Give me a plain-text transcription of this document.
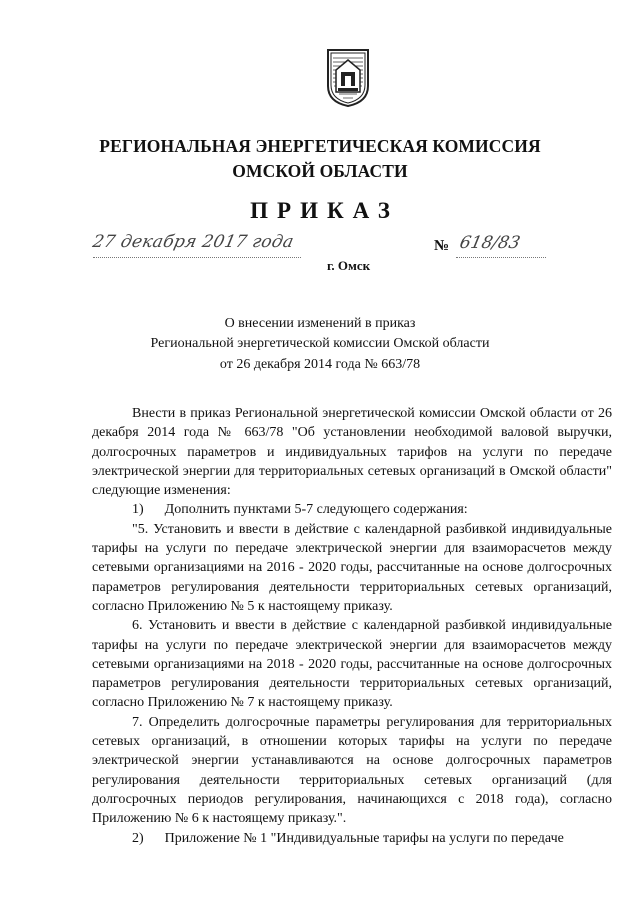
РЕГИОНАЛЬНАЯ ЭНЕРГЕТИЧЕСКАЯ КОМИССИЯ
ОМСКОЙ ОБЛАСТИ
ПРИКАЗ
27 декабря 2017 года	№ 618/83
г. Омск
О внесении изменений в приказ
Региональной энергетической комиссии Омской области
от 26 декабря 2014 года № 663/78

Внести в приказ Региональной энергетической комиссии Омской области от 26 декабря 2014 года № 663/78 "Об установлении необходимой валовой выручки, долгосрочных параметров и индивидуальных тарифов на услуги по передаче электрической энергии для территориальных сетевых организаций в Омской области" следующие изменения:

1)      Дополнить пунктами 5-7 следующего содержания:

"5. Установить и ввести в действие с календарной разбивкой индивидуальные тарифы на услуги по передаче электрической энергии для взаиморасчетов между сетевыми организациями на 2016 - 2020 годы, рассчитанные на основе долгосрочных параметров регулирования деятельности территориальных сетевых организаций, согласно Приложению № 5 к настоящему приказу.

6. Установить и ввести в действие с календарной разбивкой индивидуальные тарифы на услуги по передаче электрической энергии для взаиморасчетов между сетевыми организациями на 2018 - 2020 годы, рассчитанные на основе долгосрочных параметров регулирования деятельности территориальных сетевых организаций, согласно Приложению № 7 к настоящему приказу.

7. Определить долгосрочные параметры регулирования для территориальных сетевых организаций, в отношении которых тарифы на услуги по передаче электрической энергии устанавливаются на основе долгосрочных параметров регулирования деятельности территориальных сетевых организаций (для долгосрочных периодов регулирования, начинающихся с 2018 года), согласно Приложению № 6 к настоящему приказу.".

2)      Приложение № 1 "Индивидуальные тарифы на услуги по передаче
